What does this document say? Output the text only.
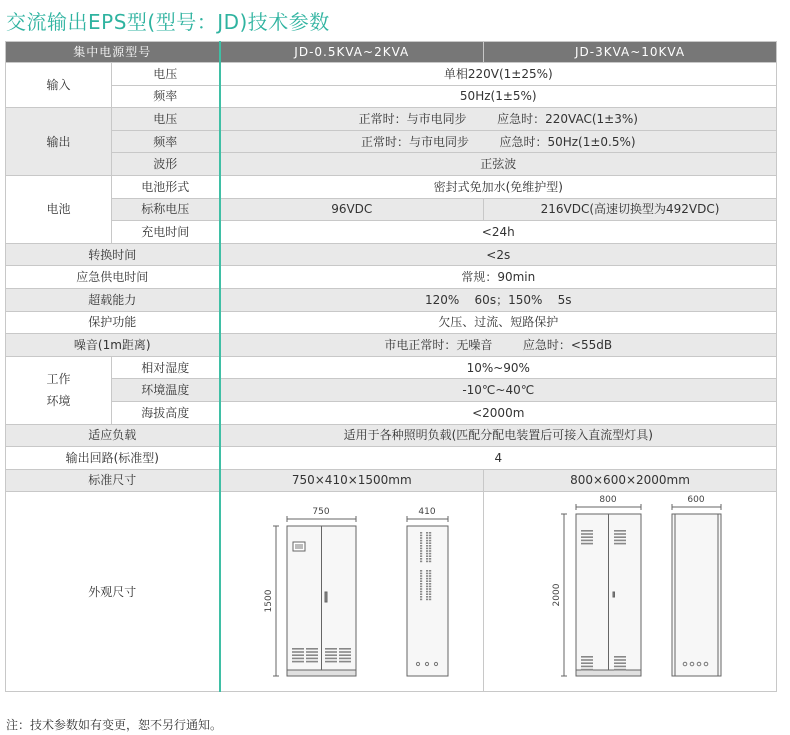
交流输出EPS型(型号：JD)技术参数
集中电源型号		JD-0.5KVA~2KVA	JD-3KVA~10KVA
输入	电压	单相220V(1±25%)	
	频率	50Hz(1±5%)	
输出	电压	正常时：与市电同步        应急时：220VAC(1±3%)	
	频率	正常时：与市电同步        应急时：50Hz(1±0.5%)	
	波形	正弦波	
电池	电池形式	密封式免加水(免维护型)	
	标称电压	96VDC	216VDC(高速切换型为492VDC)
	充电时间	<24h	
转换时间		<2s	
应急供电时间		常规：90min	
超载能力		120%    60s；150%    5s	
保护功能		欠压、过流、短路保护	
噪音(1m距离)		市电正常时：无噪音        应急时：<55dB	

工作
环境	相对湿度	10%~90%	
	环境温度	-10℃~40℃	
	海拔高度	<2000m	
适应负载		适用于各种照明负载(匹配分配电装置后可接入直流型灯具)	
输出回路(标准型)		4	
标准尺寸		750×410×1500mm	800×600×2000mm
外观尺寸		750 410
1500	800 600
2000
注：技术参数如有变更，恕不另行通知。
